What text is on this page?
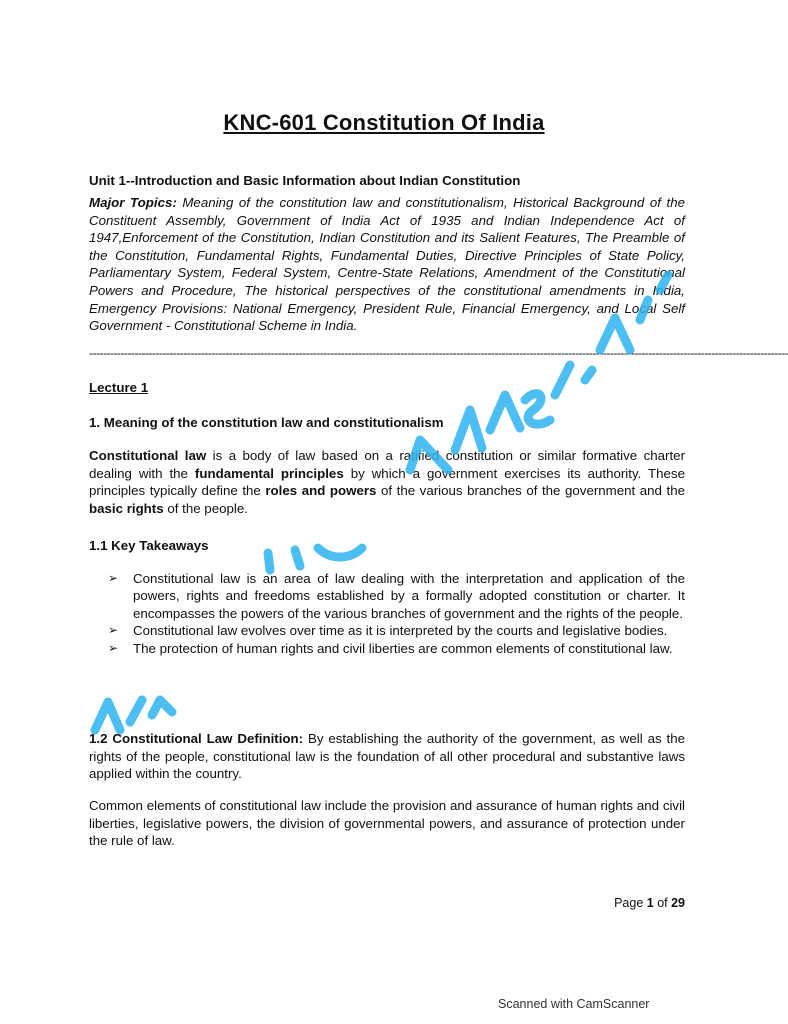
KNC-601 Constitution Of India
Unit 1--Introduction and Basic Information about Indian Constitution
Major Topics: Meaning of the constitution law and constitutionalism, Historical Background of the Constituent Assembly, Government of India Act of 1935 and Indian Independence Act of 1947,Enforcement of the Constitution, Indian Constitution and its Salient Features, The Preamble of the Constitution, Fundamental Rights, Fundamental Duties, Directive Principles of State Policy, Parliamentary System, Federal System, Centre-State Relations, Amendment of the Constitutional Powers and Procedure, The historical perspectives of the constitutional amendments in India, Emergency Provisions: National Emergency, President Rule, Financial Emergency, and Local Self Government - Constitutional Scheme in India.
--------------------------------------------------------------------------------------------------------------------------------------------------------------------------------------------------------
Lecture 1
1. Meaning of the constitution law and constitutionalism
Constitutional law is a body of law based on a ratified constitution or similar formative charter dealing with the fundamental principles by which a government exercises its authority. These principles typically define the roles and powers of the various branches of the government and the basic rights of the people.
1.1 Key Takeaways
➢ Constitutional law is an area of law dealing with the interpretation and application of the powers, rights and freedoms established by a formally adopted constitution or charter. It encompasses the powers of the various branches of government and the rights of the people.
➢ Constitutional law evolves over time as it is interpreted by the courts and legislative bodies.
➢ The protection of human rights and civil liberties are common elements of constitutional law.
1.2 Constitutional Law Definition: By establishing the authority of the government, as well as the rights of the people, constitutional law is the foundation of all other procedural and substantive laws applied within the country.
Common elements of constitutional law include the provision and assurance of human rights and civil liberties, legislative powers, the division of governmental powers, and assurance of protection under the rule of law.
Page 1 of 29
Scanned with CamScanner
